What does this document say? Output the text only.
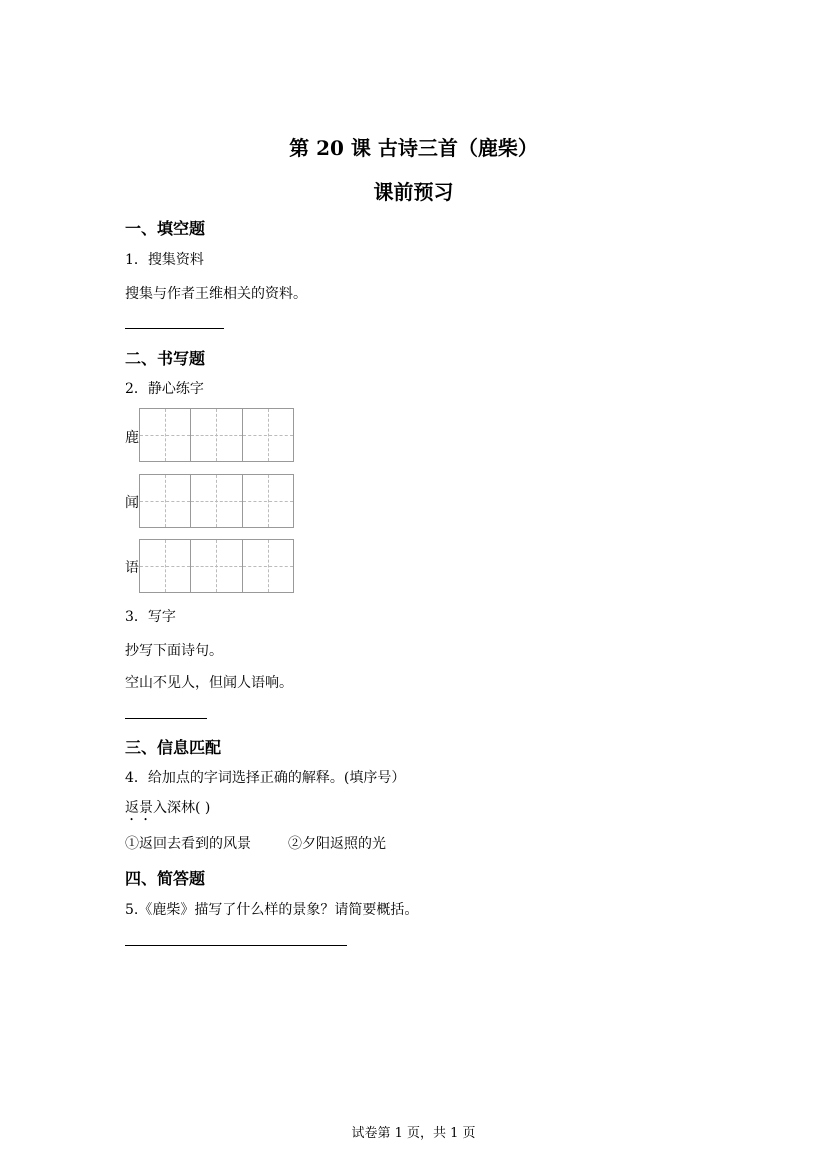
第 20 课 古诗三首（鹿柴）
课前预习
一、填空题
1．搜集资料
搜集与作者王维相关的资料。
二、书写题
2．静心练字
鹿
闻
语
3．写字
抄写下面诗句。
空山不见人，但闻人语响。
三、信息匹配
4．给加点的字词选择正确的解释。(填序号）
返景入深林( )
①返回去看到的风景	②夕阳返照的光
四、简答题
5.《鹿柴》描写了什么样的景象？请简要概括。
试卷第 1 页，共 1 页
